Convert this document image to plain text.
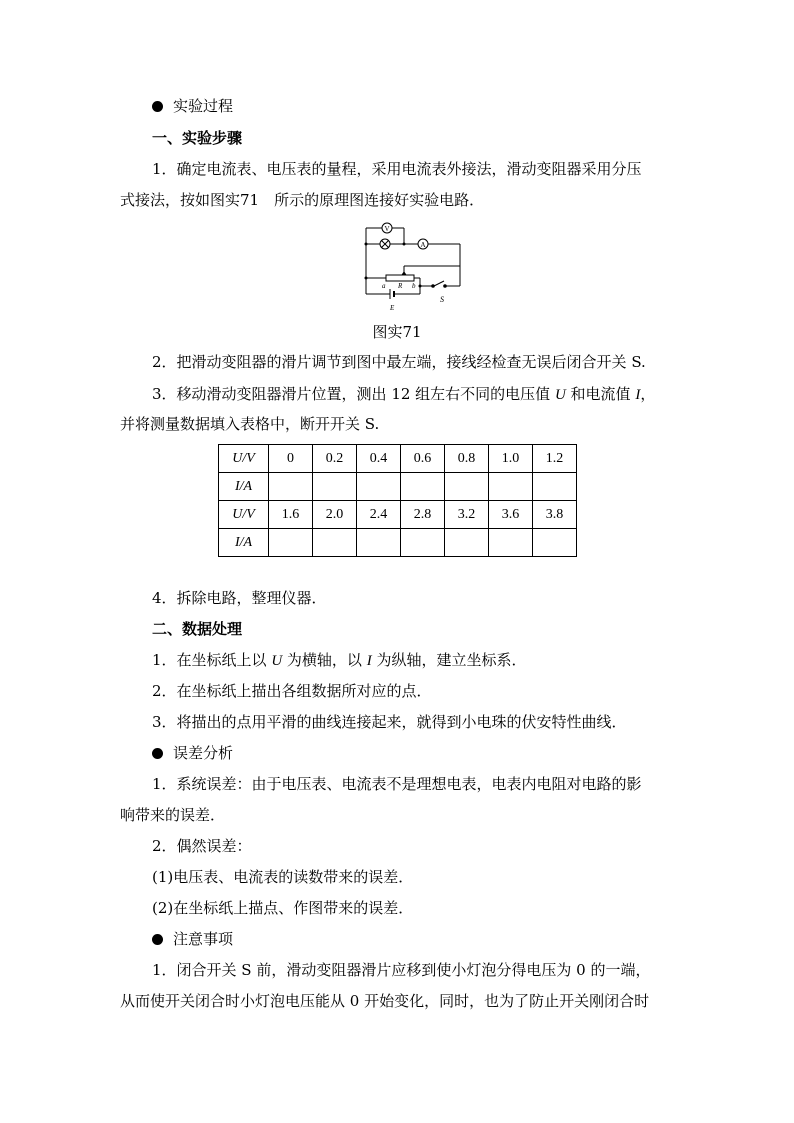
实验过程
一、实验步骤
1．确定电流表、电压表的量程，采用电流表外接法，滑动变阻器采用分压
式接法，按如图实71　所示的原理图连接好实验电路．
V
A
a R b
E
S
图实71
2．把滑动变阻器的滑片调节到图中最左端，接线经检查无误后闭合开关 S.
3．移动滑动变阻器滑片位置，测出 12 组左右不同的电压值 U 和电流值 I，
并将测量数据填入表格中，断开开关 S.
U/V	0	0.2	0.4	0.6	0.8	1.0	1.2
I/A							
U/V	1.6	2.0	2.4	2.8	3.2	3.6	3.8
I/A							
4．拆除电路，整理仪器．
二、数据处理
1．在坐标纸上以 U 为横轴，以 I 为纵轴，建立坐标系．
2．在坐标纸上描出各组数据所对应的点．
3．将描出的点用平滑的曲线连接起来，就得到小电珠的伏安特性曲线．
误差分析
1．系统误差：由于电压表、电流表不是理想电表，电表内电阻对电路的影
响带来的误差．
2．偶然误差：
(1)电压表、电流表的读数带来的误差．
(2)在坐标纸上描点、作图带来的误差．
注意事项
1．闭合开关 S 前，滑动变阻器滑片应移到使小灯泡分得电压为 0 的一端，
从而使开关闭合时小灯泡电压能从 0 开始变化，同时，也为了防止开关刚闭合时
